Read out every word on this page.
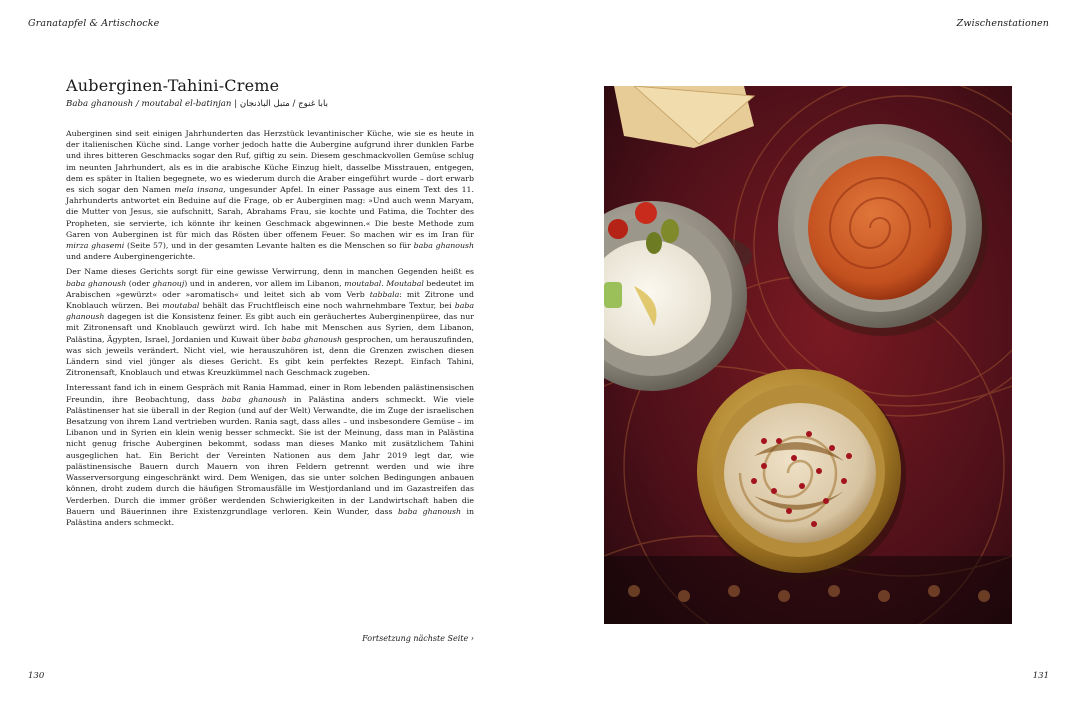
Granatapfel & Artischocke	Zwischenstationen
Auberginen-Tahini-Creme
Baba ghanoush / moutabal el-batinjan | بابا غنوج / متبل الباذنجان

Auberginen sind seit einigen Jahrhunderten das Herzstück levantinischer Küche, wie sie es heute in der italienischen Küche sind. Lange vorher jedoch hatte die Aubergine aufgrund ihrer dunklen Farbe und ihres bitteren Geschmacks sogar den Ruf, giftig zu sein. Diesem geschmackvollen Gemüse schlug im neunten Jahrhundert, als es in die arabische Küche Einzug hielt, dasselbe Misstrauen, entgegen, dem es später in Italien begegnete, wo es wiederum durch die Araber eingeführt wurde – dort erwarb es sich sogar den Namen mela insana, ungesunder Apfel. In einer Passage aus einem Text des 11. Jahrhunderts antwortet ein Beduine auf die Frage, ob er Auberginen mag: »Und auch wenn Maryam, die Mutter von Jesus, sie aufschnitt, Sarah, Abrahams Frau, sie kochte und Fatima, die Tochter des Propheten, sie servierte, ich könnte ihr keinen Geschmack abgewinnen.« Die beste Methode zum Garen von Auberginen ist für mich das Rösten über offenem Feuer. So machen wir es im Iran für mirza ghasemi (Seite 57), und in der gesamten Levante halten es die Menschen so für baba ghanoush und andere Auberginengerichte.

Der Name dieses Gerichts sorgt für eine gewisse Verwirrung, denn in manchen Gegenden heißt es baba ghanoush (oder ghanouj) und in anderen, vor allem im Libanon, moutabal. Moutabal bedeutet im Arabischen »gewürzt« oder »aromatisch« und leitet sich ab vom Verb tabbala: mit Zitrone und Knoblauch würzen. Bei moutabal behält das Fruchtfleisch eine noch wahrnehmbare Textur, bei baba ghanoush dagegen ist die Konsistenz feiner. Es gibt auch ein geräuchertes Auberginenpüree, das nur mit Zitronensaft und Knoblauch gewürzt wird. Ich habe mit Menschen aus Syrien, dem Libanon, Palästina, Ägypten, Israel, Jordanien und Kuwait über baba ghanoush gesprochen, um herauszufinden, was sich jeweils verändert. Nicht viel, wie herauszuhören ist, denn die Grenzen zwischen diesen Ländern sind viel jünger als dieses Gericht. Es gibt kein perfektes Rezept. Einfach Tahini, Zitronensaft, Knoblauch und etwas Kreuzkümmel nach Geschmack zugeben.

Interessant fand ich in einem Gespräch mit Rania Hammad, einer in Rom lebenden palästinensischen Freundin, ihre Beobachtung, dass baba ghanoush in Palästina anders schmeckt. Wie viele Palästinenser hat sie überall in der Region (und auf der Welt) Verwandte, die im Zuge der israelischen Besatzung von ihrem Land vertrieben wurden. Rania sagt, dass alles – und insbesondere Gemüse – im Libanon und in Syrien ein klein wenig besser schmeckt. Sie ist der Meinung, dass man in Palästina nicht genug frische Auberginen bekommt, sodass man dieses Manko mit zusätzlichem Tahini ausgeglichen hat. Ein Bericht der Vereinten Nationen aus dem Jahr 2019 legt dar, wie palästinensische Bauern durch Mauern von ihren Feldern getrennt werden und wie ihre Wasserversorgung eingeschränkt wird. Dem Wenigen, das sie unter solchen Bedingungen anbauen können, droht zudem durch die häufigen Stromausfälle im Westjordanland und im Gazastreifen das Verderben. Durch die immer größer werdenden Schwierigkeiten in der Landwirtschaft haben die Bauern und Bäuerinnen ihre Existenzgrundlage verloren. Kein Wunder, dass baba ghanoush in Palästina anders schmeckt.

Fortsetzung nächste Seite ›
130	131
